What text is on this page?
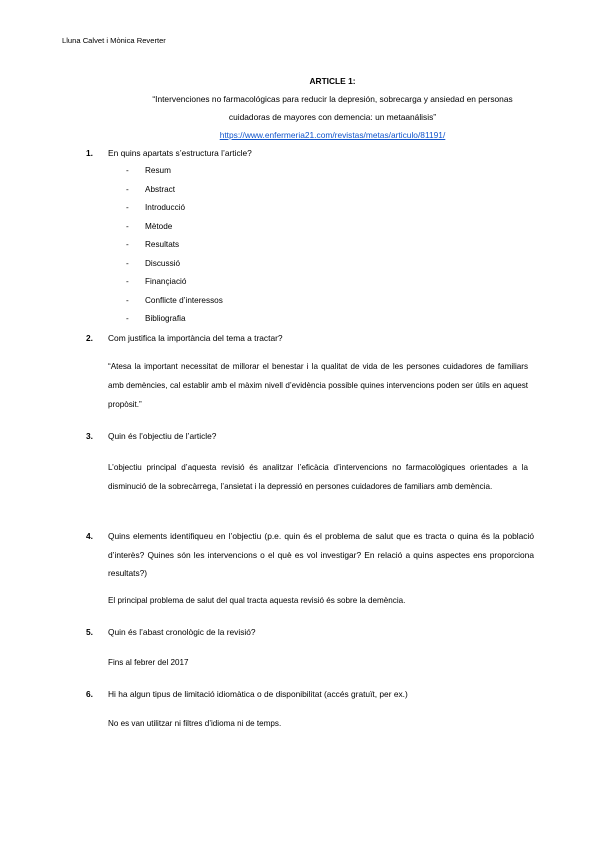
Lluna Calvet i Mònica Reverter
ARTICLE 1:
“Intervenciones no farmacológicas para reducir la depresión, sobrecarga y ansiedad en personas
cuidadoras de mayores con demencia: un metaanálisis”
https://www.enfermeria21.com/revistas/metas/articulo/81191/
1. En quins apartats s’estructura l’article?
- Resum
- Abstract
- Introducció
- Mètode
- Resultats
- Discussió
- Finançiació
- Conflicte d’interessos
- Bibliografia
2. Com justifica la importància del tema a tractar?
“Atesa la important necessitat de millorar el benestar i la qualitat de vida de les persones cuidadores de familiars amb demències, cal establir amb el màxim nivell d’evidència possible quines intervencions poden ser útils en aquest propòsit.”
3. Quin és l’objectiu de l’article?
L’objectiu principal d’aquesta revisió és analitzar l’eficàcia d’intervencions no farmacològiques orientades a la disminució de la sobrecàrrega, l’ansietat i la depressió en persones cuidadores de familiars amb demència.
4. Quins elements identifiqueu en l’objectiu (p.e. quin és el problema de salut que es tracta o quina és la població d’interès? Quines són les intervencions o el què es vol investigar? En relació a quins aspectes ens proporciona resultats?)
El principal problema de salut del qual tracta aquesta revisió és sobre la demència.
5. Quin és l’abast cronològic de la revisió?
Fins al febrer del 2017
6. Hi ha algun tipus de limitació idiomàtica o de disponibilitat (accés gratuït, per ex.)
No es van utilitzar ni filtres d’idioma ni de temps.
